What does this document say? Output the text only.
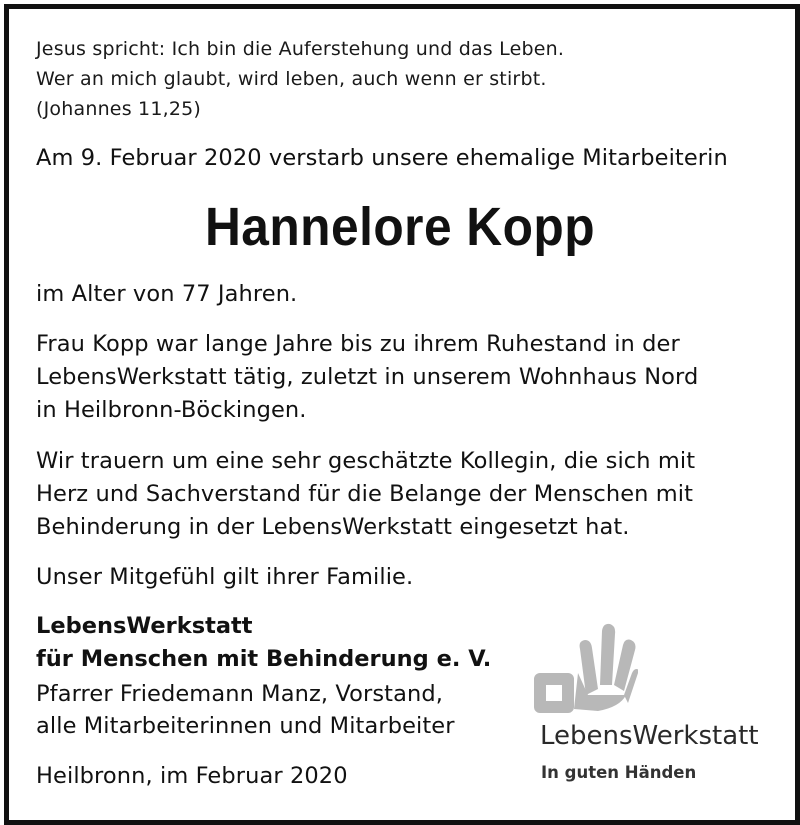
Jesus spricht: Ich bin die Auferstehung und das Leben.
Wer an mich glaubt, wird leben, auch wenn er stirbt.
(Johannes 11,25)
Am 9. Februar 2020 verstarb unsere ehemalige Mitarbeiterin
Hannelore Kopp
im Alter von 77 Jahren.
Frau Kopp war lange Jahre bis zu ihrem Ruhestand in der
LebensWerkstatt tätig, zuletzt in unserem Wohnhaus Nord
in Heilbronn-Böckingen.
Wir trauern um eine sehr geschätzte Kollegin, die sich mit
Herz und Sachverstand für die Belange der Menschen mit
Behinderung in der LebensWerkstatt eingesetzt hat.
Unser Mitgefühl gilt ihrer Familie.
LebensWerkstatt
für Menschen mit Behinderung e. V.
Pfarrer Friedemann Manz, Vorstand,
alle Mitarbeiterinnen und Mitarbeiter
Heilbronn, im Februar 2020
LebensWerkstatt
In guten Händen
